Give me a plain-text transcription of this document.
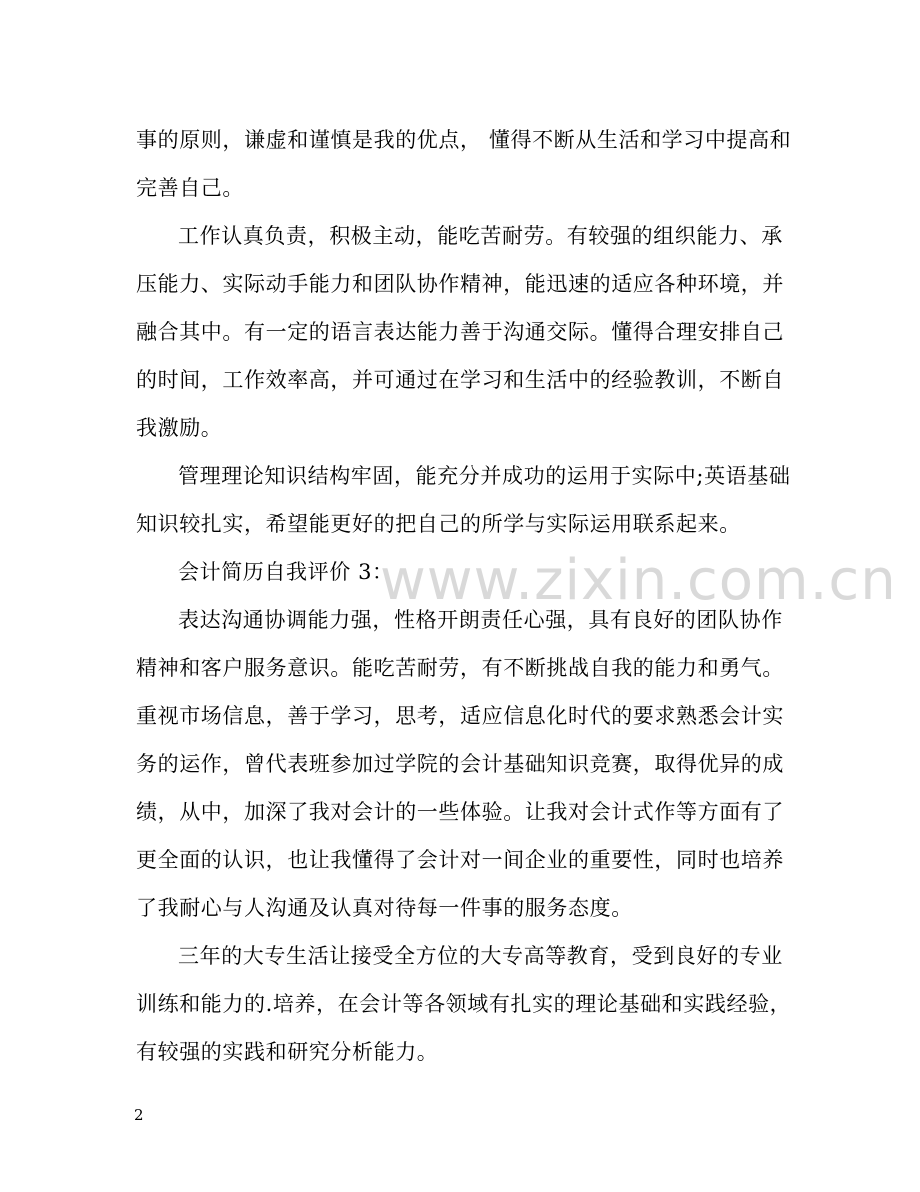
事的原则，谦虚和谨慎是我的优点， 懂得不断从生活和学习中提高和
完善自己。
工作认真负责，积极主动，能吃苦耐劳。有较强的组织能力、承
压能力、实际动手能力和团队协作精神，能迅速的适应各种环境，并
融合其中。有一定的语言表达能力善于沟通交际。懂得合理安排自己
的时间，工作效率高，并可通过在学习和生活中的经验教训，不断自
我激励。
管理理论知识结构牢固，能充分并成功的运用于实际中;英语基础
知识较扎实，希望能更好的把自己的所学与实际运用联系起来。
会计简历自我评价 3：
表达沟通协调能力强，性格开朗责任心强，具有良好的团队协作
精神和客户服务意识。能吃苦耐劳，有不断挑战自我的能力和勇气。
重视市场信息，善于学习，思考，适应信息化时代的要求熟悉会计实
务的运作，曾代表班参加过学院的会计基础知识竞赛，取得优异的成
绩，从中，加深了我对会计的一些体验。让我对会计式作等方面有了
更全面的认识，也让我懂得了会计对一间企业的重要性，同时也培养
了我耐心与人沟通及认真对待每一件事的服务态度。
三年的大专生活让接受全方位的大专高等教育，受到良好的专业
训练和能力的.培养，在会计等各领域有扎实的理论基础和实践经验，
有较强的实践和研究分析能力。
www.zixin.com.cn
2
